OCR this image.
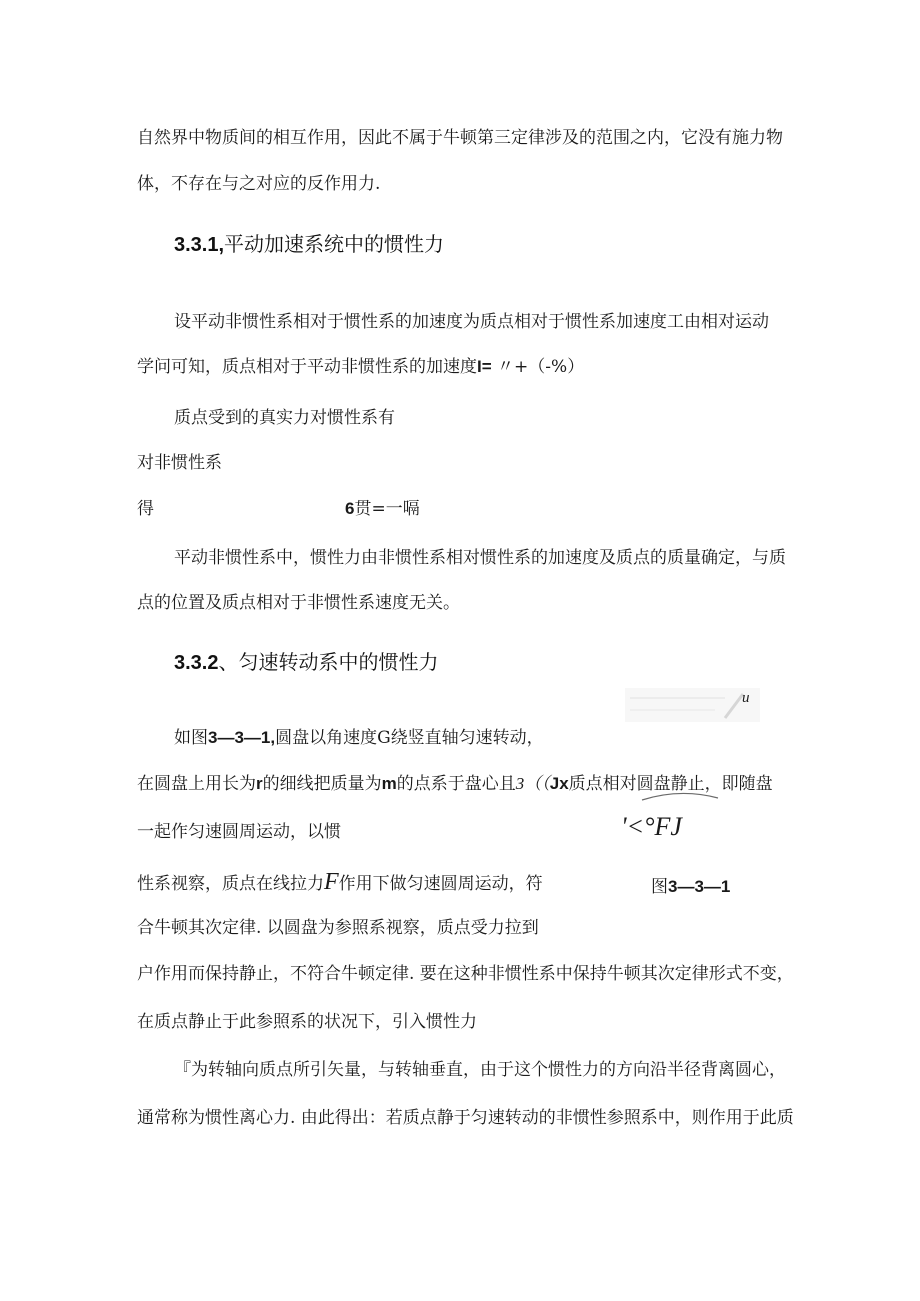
自然界中物质间的相互作用，因此不属于牛顿第三定律涉及的范围之内，它没有施力物
体，不存在与之对应的反作用力.
3.3.1,平动加速系统中的惯性力
设平动非惯性系相对于惯性系的加速度为质点相对于惯性系加速度工由相对运动
学问可知，质点相对于平动非惯性系的加速度I= 〃+（-%）
质点受到的真实力对惯性系有
对非惯性系
得	6贯=一嗝
平动非惯性系中，惯性力由非惯性系相对惯性系的加速度及质点的质量确定，与质
点的位置及质点相对于非惯性系速度无关。
3.3.2、匀速转动系中的惯性力
и
如图3—3—1,圆盘以角速度G绕竖直轴匀速转动，
在圆盘上用长为r的细线把质量为m的点系于盘心且3（（Jx质点相对圆盘静止，即随盘
一起作匀速圆周运动，以惯	'<°FJ
性系视察，质点在线拉力F作用下做匀速圆周运动，符	图3—3—1
合牛顿其次定律. 以圆盘为参照系视察，质点受力拉到
户作用而保持静止，不符合牛顿定律. 要在这种非惯性系中保持牛顿其次定律形式不变，
在质点静止于此参照系的状况下，引入惯性力
『为转轴向质点所引矢量，与转轴垂直，由于这个惯性力的方向沿半径背离圆心，
通常称为惯性离心力. 由此得出：若质点静于匀速转动的非惯性参照系中，则作用于此质
